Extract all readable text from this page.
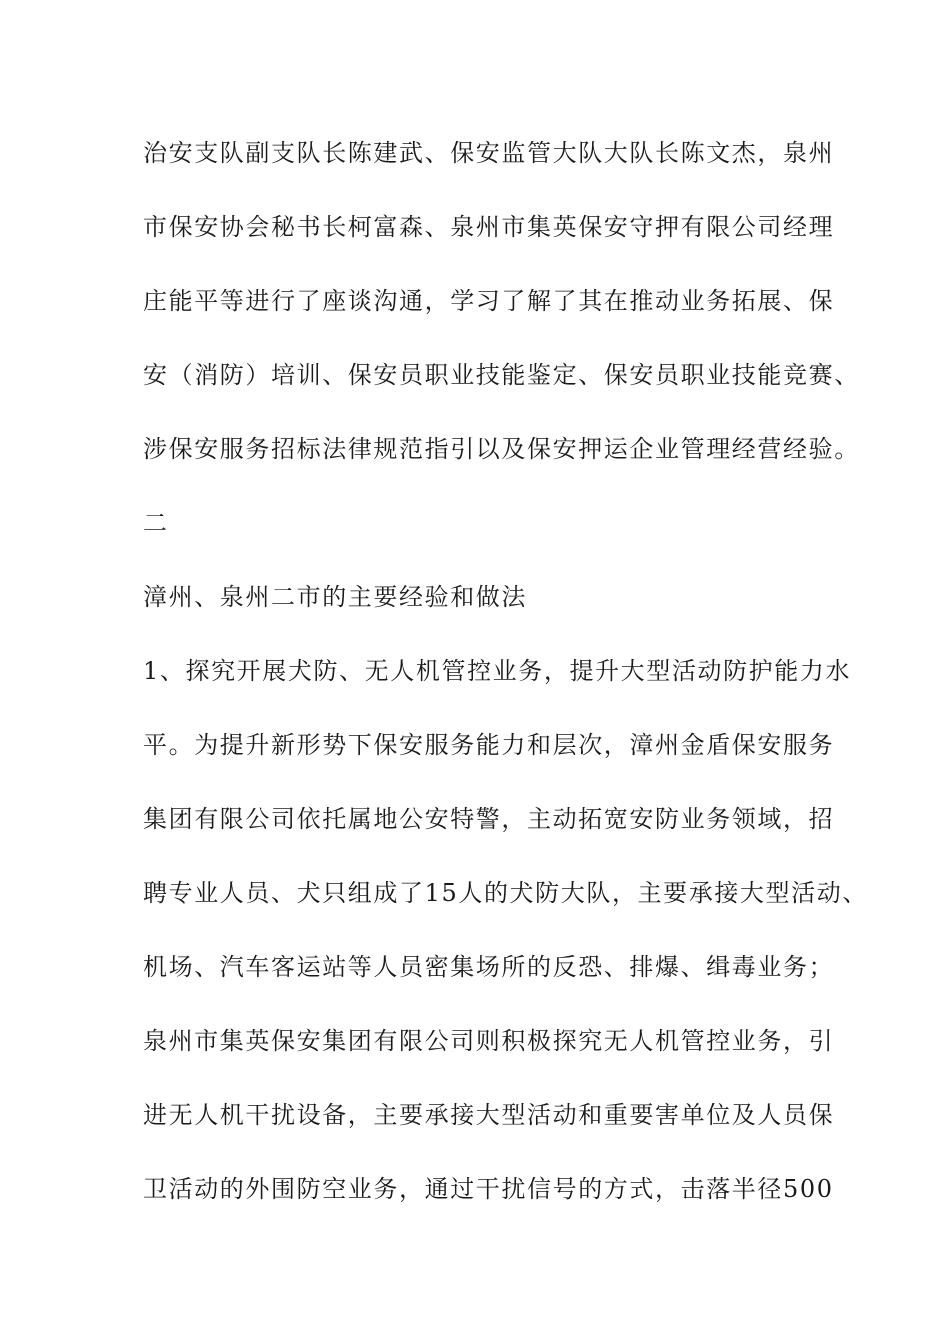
治安支队副支队长陈建武、保安监管大队大队长陈文杰，泉州
市保安协会秘书长柯富森、泉州市集英保安守押有限公司经理
庄能平等进行了座谈沟通，学习了解了其在推动业务拓展、保
安（消防）培训、保安员职业技能鉴定、保安员职业技能竞赛、
涉保安服务招标法律规范指引以及保安押运企业管理经营经验。
二
漳州、泉州二市的主要经验和做法
1、探究开展犬防、无人机管控业务，提升大型活动防护能力水
平。为提升新形势下保安服务能力和层次，漳州金盾保安服务
集团有限公司依托属地公安特警，主动拓宽安防业务领域，招
聘专业人员、犬只组成了15人的犬防大队，主要承接大型活动、
机场、汽车客运站等人员密集场所的反恐、排爆、缉毒业务；
泉州市集英保安集团有限公司则积极探究无人机管控业务，引
进无人机干扰设备，主要承接大型活动和重要害单位及人员保
卫活动的外围防空业务，通过干扰信号的方式，击落半径500
